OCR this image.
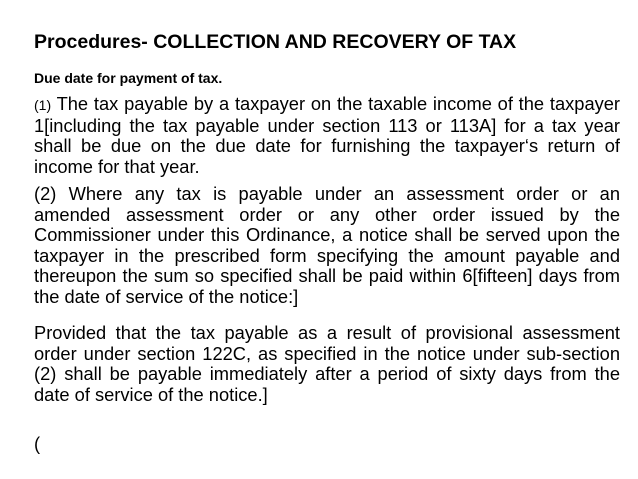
Procedures- COLLECTION AND RECOVERY OF TAX
Due date for payment of tax.

(1) The tax payable by a taxpayer on the taxable income of the taxpayer 1[including the tax payable under section 113 or 113A] for a tax year shall be due on the due date for furnishing the taxpayer‘s return of income for that year.

(2) Where any tax is payable under an assessment order or an amended assessment order or any other order issued by the Commissioner under this Ordinance, a notice shall be served upon the taxpayer in the prescribed form specifying the amount payable and thereupon the sum so specified shall be paid within 6[fifteen] days from the date of service of the notice:]

Provided that the tax payable as a result of provisional assessment order under section 122C, as specified in the notice under sub-section (2) shall be payable immediately after a period of sixty days from the date of service of the notice.]

(
